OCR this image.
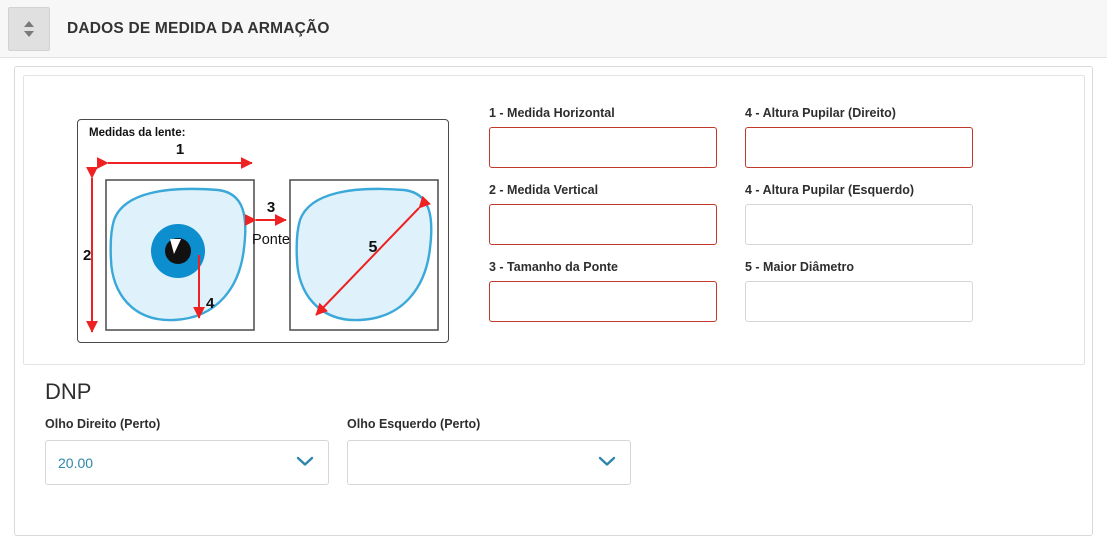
DADOS DE MEDIDA DA ARMAÇÃO
Medidas da lente:
1
2
3
Ponte
4
5
1 - Medida Horizontal
2 - Medida Vertical
3 - Tamanho da Ponte
4 - Altura Pupilar (Direito)
4 - Altura Pupilar (Esquerdo)
5 - Maior Diâmetro
DNP
Olho Direito (Perto)
20.00
Olho Esquerdo (Perto)
